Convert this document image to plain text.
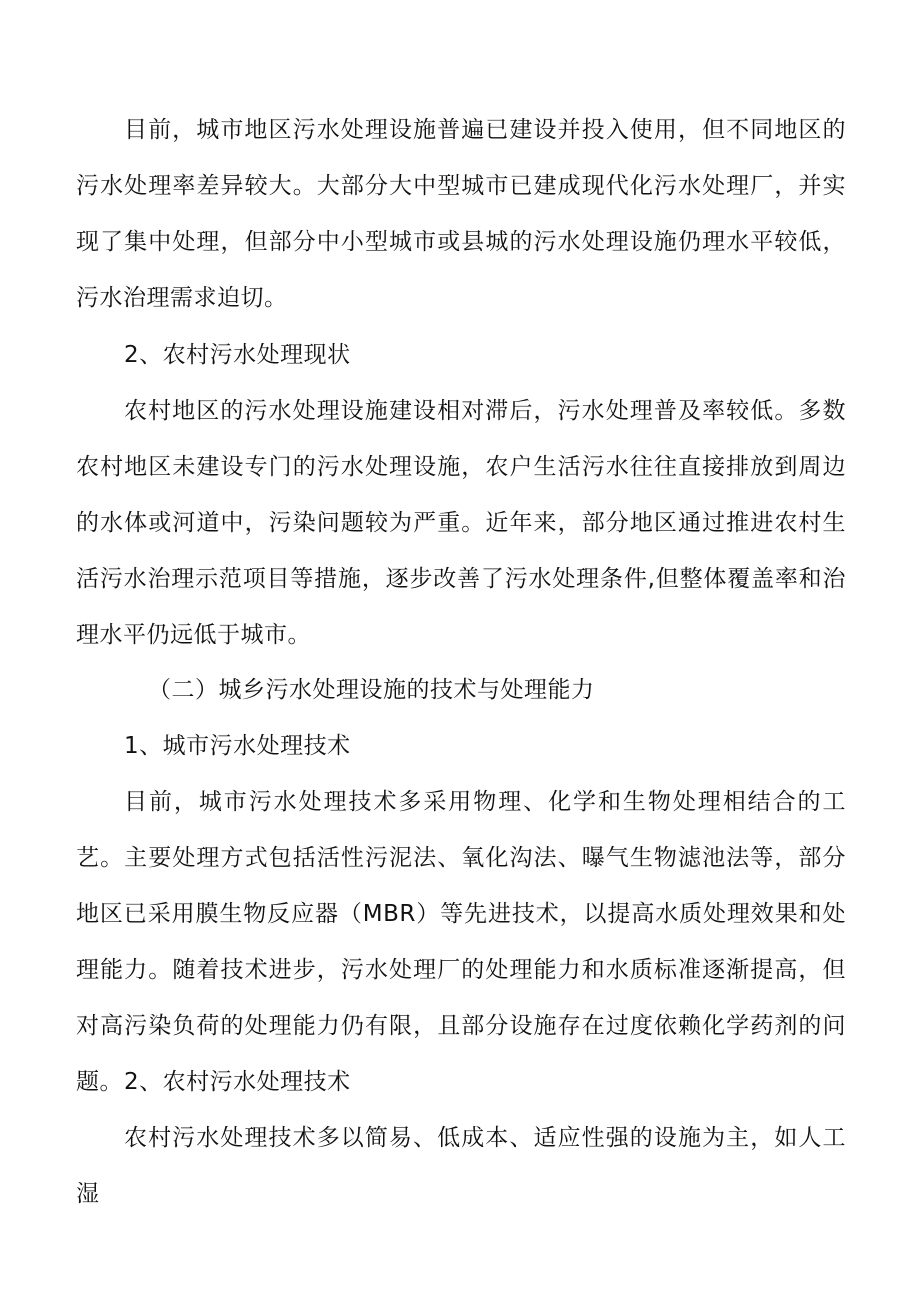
目前，城市地区污水处理设施普遍已建设并投入使用，但不同地区的污水处理率差异较大。大部分大中型城市已建成现代化污水处理厂，并实现了集中处理，但部分中小型城市或县城的污水处理设施仍理水平较低，污水治理需求迫切。

2、农村污水处理现状

农村地区的污水处理设施建设相对滞后，污水处理普及率较低。多数农村地区未建设专门的污水处理设施，农户生活污水往往直接排放到周边的水体或河道中，污染问题较为严重。近年来，部分地区通过推进农村生活污水治理示范项目等措施，逐步改善了污水处理条件,但整体覆盖率和治理水平仍远低于城市。

（二）城乡污水处理设施的技术与处理能力

1、城市污水处理技术

目前，城市污水处理技术多采用物理、化学和生物处理相结合的工艺。主要处理方式包括活性污泥法、氧化沟法、曝气生物滤池法等，部分地区已采用膜生物反应器（MBR）等先进技术，以提高水质处理效果和处理能力。随着技术进步，污水处理厂的处理能力和水质标准逐渐提高，但对高污染负荷的处理能力仍有限，且部分设施存在过度依赖化学药剂的问题。 2、农村污水处理技术

农村污水处理技术多以简易、低成本、适应性强的设施为主，如人工湿
